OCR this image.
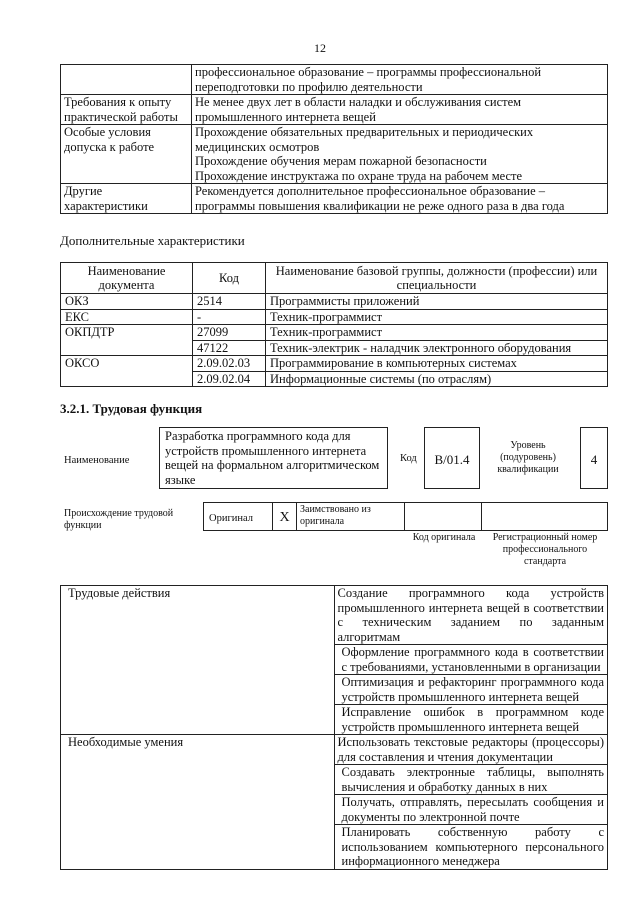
12

	профессиональное образование – программы профессиональной
переподготовки по профилю деятельности

Требования к опыту практической работы	Не менее двух лет в области наладки и обслуживания систем промышленного интернета вещей
Особые условия допуска к работе	Прохождение обязательных предварительных и периодических медицинских осмотров
Прохождение обучения мерам пожарной безопасности
Прохождение инструктажа по охране труда на рабочем месте

Другие характеристики	Рекомендуется дополнительное профессиональное образование – программы повышения квалификации не реже одного раза в два года
Дополнительные характеристики
Наименование документа	Код	Наименование базовой группы, должности (профессии) или специальности
ОКЗ	2514	Программисты приложений
ЕКС	-	Техник-программист
ОКПДТР	27099	Техник-программист
	47122	Техник-электрик - наладчик электронного оборудования
ОКСО	2.09.02.03	Программирование в компьютерных системах
	2.09.02.04	Информационные системы (по отраслям)
3.2.1. Трудовая функция
Наименование
Разработка программного кода для устройств промышленного интернета вещей на формальном алгоритмическом языке
Код	B/01.4
Уровень (подуровень) квалификации
4
Происхождение трудовой функции
Оригинал	X
Заимствовано из оригинала
Код оригинала	Регистрационный номер профессионального стандарта
Трудовые действия	Создание программного кода устройств промышленного интернета вещей в соответствии с техническим заданием по заданным алгоритмам
	Оформление программного кода в соответствии с требованиями, установленными в организации
	Оптимизация и рефакторинг программного кода устройств промышленного интернета вещей
	Исправление ошибок в программном коде устройств промышленного интернета вещей
Необходимые умения	Использовать текстовые редакторы (процессоры) для составления и чтения документации
	Создавать электронные таблицы, выполнять вычисления и обработку данных в них
	Получать, отправлять, пересылать сообщения и документы по электронной почте
	Планировать собственную работу с использованием компьютерного персонального информационного менеджера
